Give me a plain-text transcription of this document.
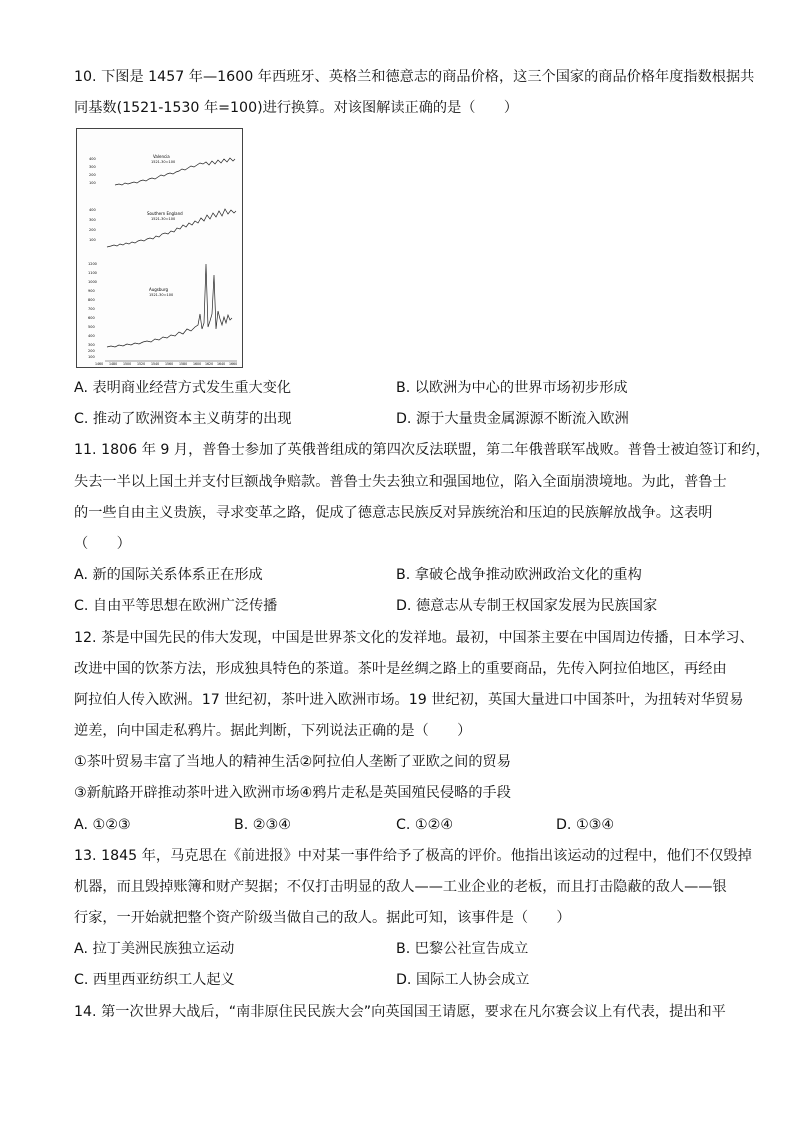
10. 下图是 1457 年—1600 年西班牙、英格兰和德意志的商品价格，这三个国家的商品价格年度指数根据共
同基数(1521-1530 年=100)进行换算。对该图解读正确的是（　　）
Valencia
1521-30=100
400
300
200
100
Southern England
1521-30=100
400
300
200
100
Augsburg
1521-30=100
1200
1100
1000
900
800
700
600
500
400
300
200
100
1460 1480 1500 1520 1540 1560 1580 1600 1620 1640 1660
A. 表明商业经营方式发生重大变化	B. 以欧洲为中心的世界市场初步形成
C. 推动了欧洲资本主义萌芽的出现	D. 源于大量贵金属源源不断流入欧洲
11. 1806 年 9 月，普鲁士参加了英俄普组成的第四次反法联盟，第二年俄普联军战败。普鲁士被迫签订和约，
失去一半以上国土并支付巨额战争赔款。普鲁士失去独立和强国地位，陷入全面崩溃境地。为此，普鲁士
的一些自由主义贵族，寻求变革之路，促成了德意志民族反对异族统治和压迫的民族解放战争。这表明
（　　）
A. 新的国际关系体系正在形成	B. 拿破仑战争推动欧洲政治文化的重构
C. 自由平等思想在欧洲广泛传播	D. 德意志从专制王权国家发展为民族国家
12. 茶是中国先民的伟大发现，中国是世界茶文化的发祥地。最初，中国茶主要在中国周边传播，日本学习、
改进中国的饮茶方法，形成独具特色的茶道。茶叶是丝绸之路上的重要商品，先传入阿拉伯地区，再经由
阿拉伯人传入欧洲。17 世纪初，茶叶进入欧洲市场。19 世纪初，英国大量进口中国茶叶，为扭转对华贸易
逆差，向中国走私鸦片。据此判断，下列说法正确的是（　　）
①茶叶贸易丰富了当地人的精神生活②阿拉伯人垄断了亚欧之间的贸易
③新航路开辟推动茶叶进入欧洲市场④鸦片走私是英国殖民侵略的手段
A. ①②③	B. ②③④	C. ①②④	D. ①③④
13. 1845 年，马克思在《前进报》中对某一事件给予了极高的评价。他指出该运动的过程中，他们不仅毁掉
机器，而且毁掉账簿和财产契据；不仅打击明显的敌人——工业企业的老板，而且打击隐蔽的敌人——银
行家，一开始就把整个资产阶级当做自己的敌人。据此可知，该事件是（　　）
A. 拉丁美洲民族独立运动	B. 巴黎公社宣告成立
C. 西里西亚纺织工人起义	D. 国际工人协会成立
14. 第一次世界大战后，“南非原住民民族大会”向英国国王请愿，要求在凡尔赛会议上有代表，提出和平
